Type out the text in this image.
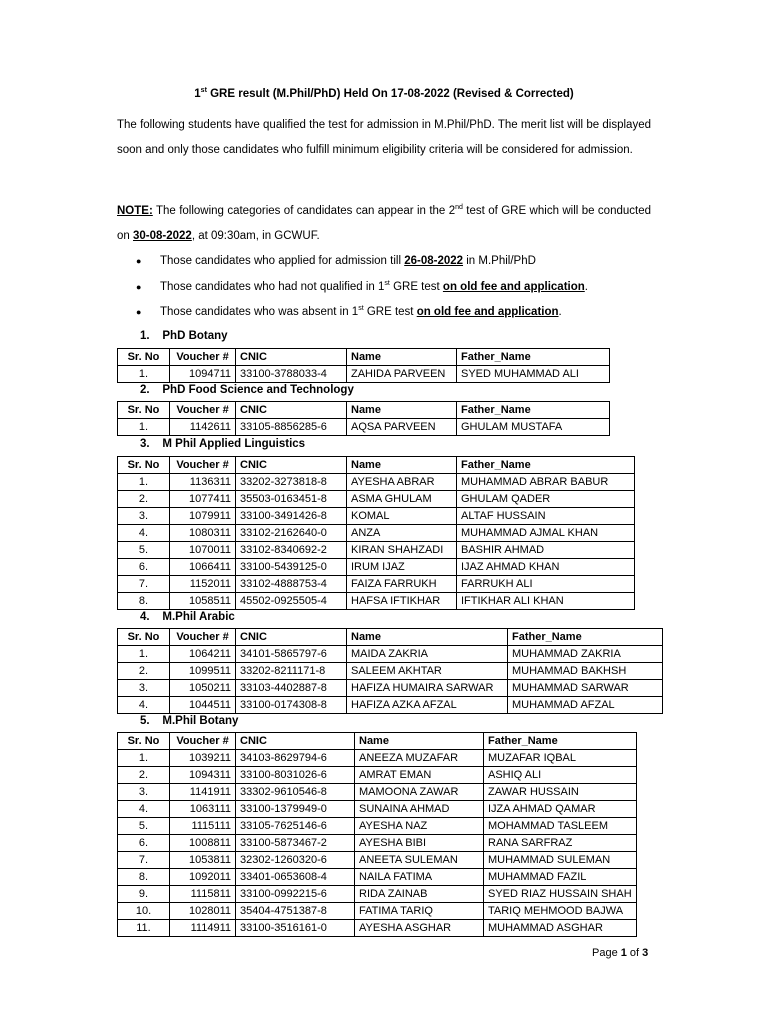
1st GRE result (M.Phil/PhD) Held On 17-08-2022 (Revised & Corrected)

The following students have qualified the test for admission in M.Phil/PhD. The merit list will be displayed soon and only those candidates who fulfill minimum eligibility criteria will be considered for admission.

NOTE: The following categories of candidates can appear in the 2nd test of GRE which will be conducted on 30-08-2022, at 09:30am, in GCWUF.

● Those candidates who applied for admission till 26-08-2022 in M.Phil/PhD
● Those candidates who had not qualified in 1st GRE test on old fee and application.
● Those candidates who was absent in 1st GRE test on old fee and application.
1.    PhD Botany
Sr. No	Voucher #	CNIC	Name	Father_Name
1.	1094711	33100-3788033-4	ZAHIDA PARVEEN	SYED MUHAMMAD ALI
2.    PhD Food Science and Technology
Sr. No	Voucher #	CNIC	Name	Father_Name
1.	1142611	33105-8856285-6	AQSA PARVEEN	GHULAM MUSTAFA
3.    M Phil Applied Linguistics
Sr. No	Voucher #	CNIC	Name	Father_Name
1.	1136311	33202-3273818-8	AYESHA ABRAR	MUHAMMAD ABRAR BABUR
2.	1077411	35503-0163451-8	ASMA GHULAM	GHULAM QADER
3.	1079911	33100-3491426-8	KOMAL	ALTAF HUSSAIN
4.	1080311	33102-2162640-0	ANZA	MUHAMMAD AJMAL KHAN
5.	1070011	33102-8340692-2	KIRAN SHAHZADI	BASHIR AHMAD
6.	1066411	33100-5439125-0	IRUM IJAZ	IJAZ AHMAD KHAN
7.	1152011	33102-4888753-4	FAIZA FARRUKH	FARRUKH ALI
8.	1058511	45502-0925505-4	HAFSA IFTIKHAR	IFTIKHAR ALI KHAN
4.    M.Phil Arabic
Sr. No	Voucher #	CNIC	Name	Father_Name
1.	1064211	34101-5865797-6	MAIDA ZAKRIA	MUHAMMAD ZAKRIA
2.	1099511	33202-8211171-8	SALEEM AKHTAR	MUHAMMAD BAKHSH
3.	1050211	33103-4402887-8	HAFIZA HUMAIRA SARWAR	MUHAMMAD SARWAR
4.	1044511	33100-0174308-8	HAFIZA AZKA AFZAL	MUHAMMAD AFZAL
5.    M.Phil Botany
Sr. No	Voucher #	CNIC	Name	Father_Name
1.	1039211	34103-8629794-6	ANEEZA MUZAFAR	MUZAFAR IQBAL
2.	1094311	33100-8031026-6	AMRAT EMAN	ASHIQ ALI
3.	1141911	33302-9610546-8	MAMOONA ZAWAR	ZAWAR HUSSAIN
4.	1063111	33100-1379949-0	SUNAINA AHMAD	IJZA AHMAD QAMAR
5.	1115111	33105-7625146-6	AYESHA NAZ	MOHAMMAD TASLEEM
6.	1008811	33100-5873467-2	AYESHA BIBI	RANA SARFRAZ
7.	1053811	32302-1260320-6	ANEETA SULEMAN	MUHAMMAD SULEMAN
8.	1092011	33401-0653608-4	NAILA FATIMA	MUHAMMAD FAZIL
9.	1115811	33100-0992215-6	RIDA ZAINAB	SYED RIAZ HUSSAIN SHAH
10.	1028011	35404-4751387-8	FATIMA TARIQ	TARIQ MEHMOOD BAJWA
11.	1114911	33100-3516161-0	AYESHA ASGHAR	MUHAMMAD ASGHAR
Page 1 of 3
